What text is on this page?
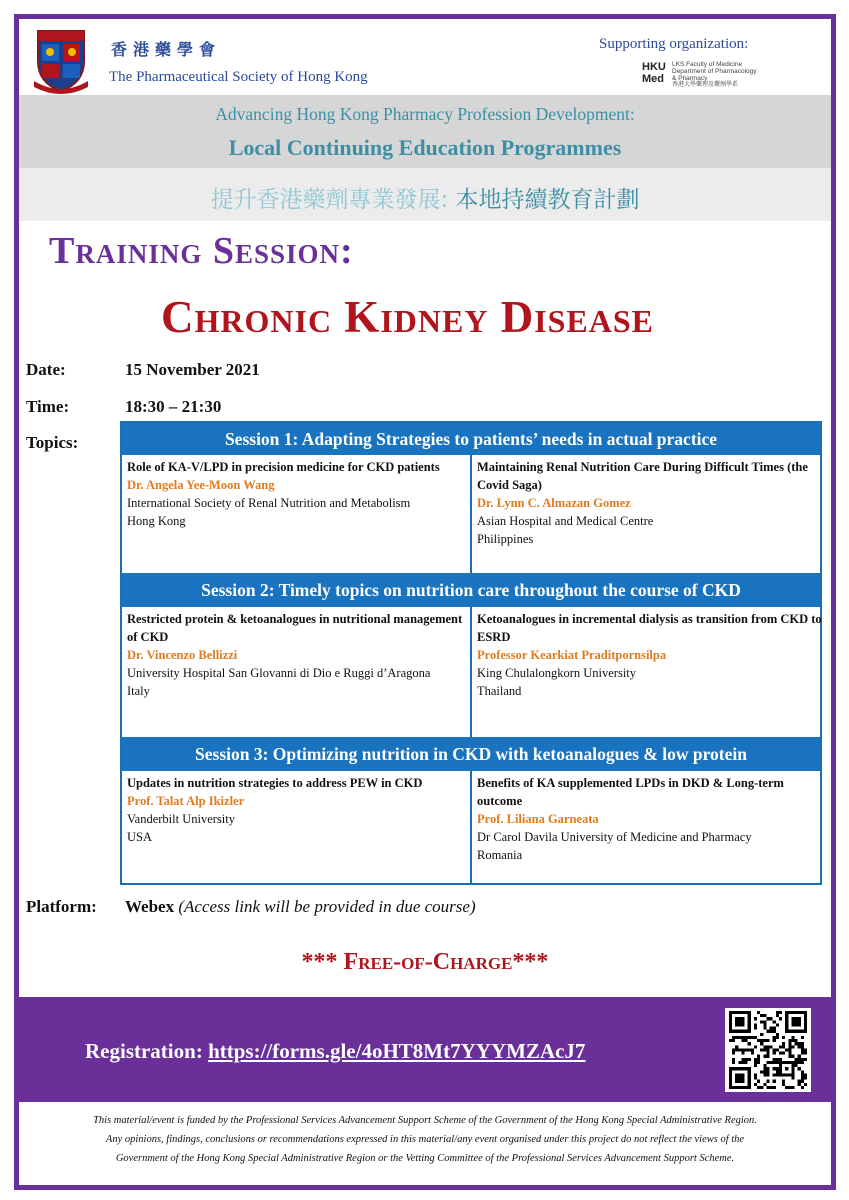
香港藥學會
The Pharmaceutical Society of Hong Kong
Supporting organization:
HKU Med
LKS Faculty of Medicine
Department of Pharmacology
& Pharmacy
香港大學藥理及藥劑學系
Advancing Hong Kong Pharmacy Profession Development:
Local Continuing Education Programmes
提升香港藥劑專業發展: 本地持續教育計劃
Training Session:
Chronic Kidney Disease
Date:	15 November 2021
Time:	18:30 – 21:30
Topics:	Session 1: Adapting Strategies to patients’ needs in actual practice
Role of KA-V/LPD in precision medicine for CKD patients
Dr. Angela Yee-Moon Wang
International Society of Renal Nutrition and Metabolism
Hong Kong
Maintaining Renal Nutrition Care During Difficult Times (the Covid Saga)
Dr. Lynn C. Almazan Gomez
Asian Hospital and Medical Centre
Philippines
Session 2: Timely topics on nutrition care throughout the course of CKD
Restricted protein & ketoanalogues in nutritional management of CKD
Dr. Vincenzo Bellizzi
University Hospital San Glovanni di Dio e Ruggi d’Aragona
Italy
Ketoanalogues in incremental dialysis as transition from CKD to ESRD
Professor Kearkiat Praditpornsilpa
King Chulalongkorn University
Thailand
Session 3: Optimizing nutrition in CKD with ketoanalogues & low protein
Updates in nutrition strategies to address PEW in CKD
Prof. Talat Alp Ikizler
Vanderbilt University
USA
Benefits of KA supplemented LPDs in DKD & Long-term outcome
Prof. Liliana Garneata
Dr Carol Davila University of Medicine and Pharmacy
Romania
Platform: Webex (Access link will be provided in due course)
*** Free-of-Charge***
Registration: https://forms.gle/4oHT8Mt7YYYMZAcJ7
This material/event is funded by the Professional Services Advancement Support Scheme of the Government of the Hong Kong Special Administrative Region.
Any opinions, findings, conclusions or recommendations expressed in this material/any event organised under this project do not reflect the views of the
Government of the Hong Kong Special Administrative Region or the Vetting Committee of the Professional Services Advancement Support Scheme.
